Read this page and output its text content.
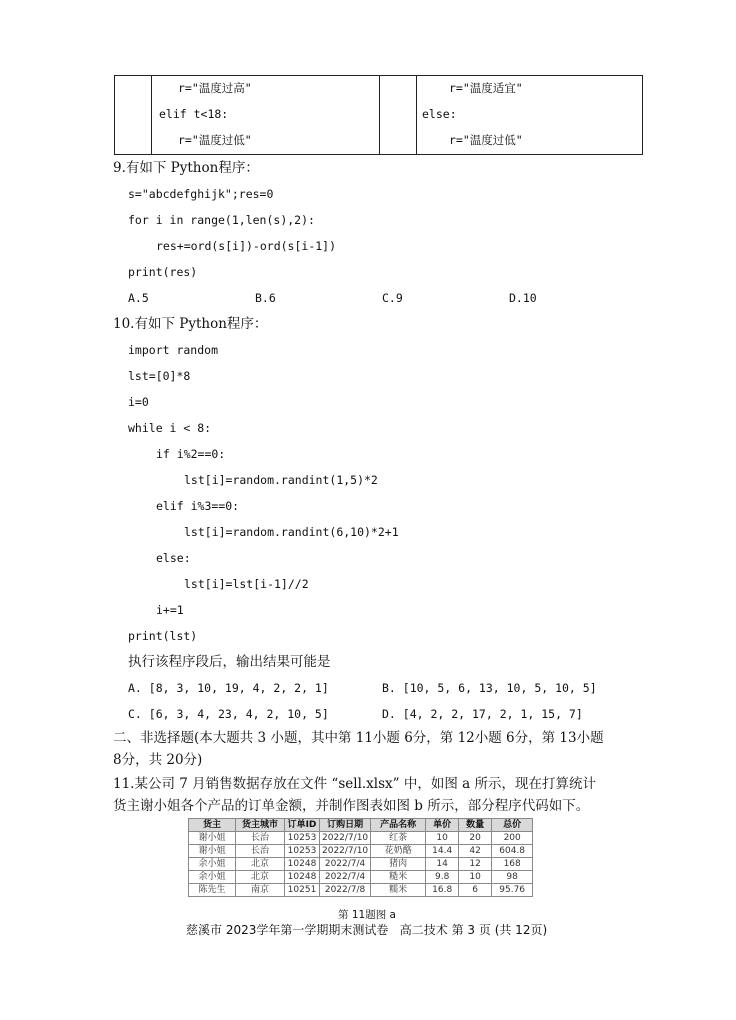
r="温度过高"
elif t<18:
r="温度过低"
r="温度适宜"
else:
r="温度过低"
9.有如下 Python程序：
s="abcdefghijk";res=0
for i in range(1,len(s),2):
res+=ord(s[i])-ord(s[i-1])
print(res)
A.5	B.6	C.9	D.10
10.有如下 Python程序：
import random
lst=[0]*8
i=0
while i < 8:
if i%2==0:
lst[i]=random.randint(1,5)*2
elif i%3==0:
lst[i]=random.randint(6,10)*2+1
else:
lst[i]=lst[i-1]//2
i+=1
print(lst)
执行该程序段后，输出结果可能是
A. [8, 3, 10, 19, 4, 2, 2, 1]	B. [10, 5, 6, 13, 10, 5, 10, 5]
C. [6, 3, 4, 23, 4, 2, 10, 5]	D. [4, 2, 2, 17, 2, 1, 15, 7]
二、非选择题(本大题共 3 小题，其中第 11小题 6分，第 12小题 6分，第 13小题
8分，共 20分)
11.某公司 7 月销售数据存放在文件 “sell.xlsx” 中，如图 a 所示，现在打算统计
货主谢小姐各个产品的订单金额，并制作图表如图 b 所示，部分程序代码如下。
货主	货主城市	订单ID	订购日期	产品名称	单价	数量	总价
谢小姐	长治	10253	2022/7/10	红茶	10	20	200
谢小姐	长治	10253	2022/7/10	花奶酪	14.4	42	604.8
余小姐	北京	10248	2022/7/4	猪肉	14	12	168
余小姐	北京	10248	2022/7/4	糙米	9.8	10	98
陈先生	南京	10251	2022/7/8	糯米	16.8	6	95.76
第 11题图 a
慈溪市 2023学年第一学期期末测试卷   高二技术 第 3 页 (共 12页)
